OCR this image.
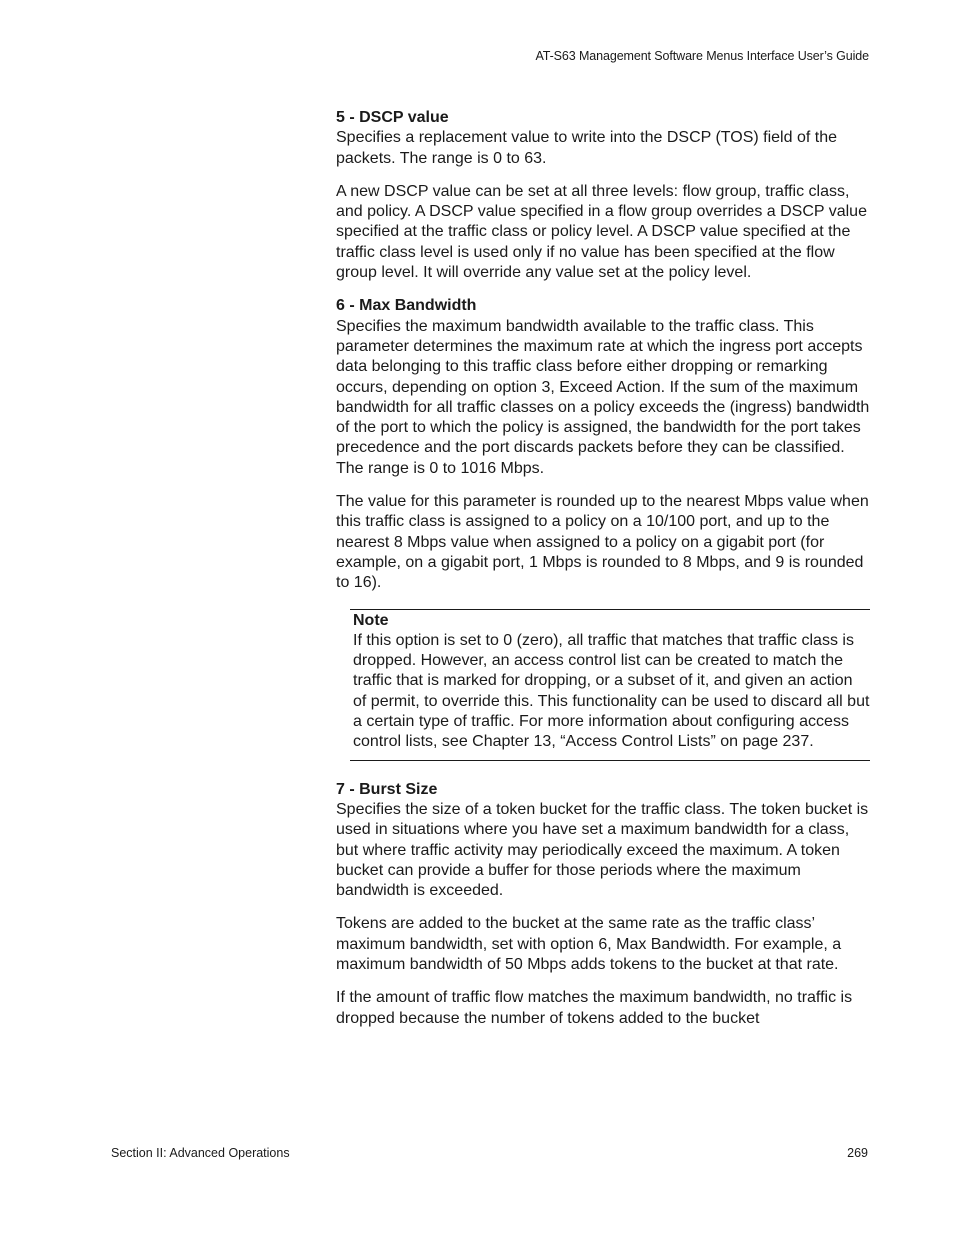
AT-S63 Management Software Menus Interface User’s Guide

5 - DSCP value

Specifies a replacement value to write into the DSCP (TOS) field of the packets. The range is 0 to 63.

A new DSCP value can be set at all three levels: flow group, traffic class, and policy. A DSCP value specified in a flow group overrides a DSCP value specified at the traffic class or policy level. A DSCP value specified at the traffic class level is used only if no value has been specified at the flow group level. It will override any value set at the policy level.

6 - Max Bandwidth

Specifies the maximum bandwidth available to the traffic class. This parameter determines the maximum rate at which the ingress port accepts data belonging to this traffic class before either dropping or remarking occurs, depending on option 3, Exceed Action. If the sum of the maximum bandwidth for all traffic classes on a policy exceeds the (ingress) bandwidth of the port to which the policy is assigned, the bandwidth for the port takes precedence and the port discards packets before they can be classified. The range is 0 to 1016 Mbps.

The value for this parameter is rounded up to the nearest Mbps value when this traffic class is assigned to a policy on a 10/100 port, and up to the nearest 8 Mbps value when assigned to a policy on a gigabit port (for example, on a gigabit port, 1 Mbps is rounded to 8 Mbps, and 9 is rounded to 16).

Note

If this option is set to 0 (zero), all traffic that matches that traffic class is dropped. However, an access control list can be created to match the traffic that is marked for dropping, or a subset of it, and given an action of permit, to override this. This functionality can be used to discard all but a certain type of traffic. For more information about configuring access control lists, see Chapter 13, “Access Control Lists” on page 237.

7 - Burst Size

Specifies the size of a token bucket for the traffic class. The token bucket is used in situations where you have set a maximum bandwidth for a class, but where traffic activity may periodically exceed the maximum. A token bucket can provide a buffer for those periods where the maximum bandwidth is exceeded.

Tokens are added to the bucket at the same rate as the traffic class’ maximum bandwidth, set with option 6, Max Bandwidth. For example, a maximum bandwidth of 50 Mbps adds tokens to the bucket at that rate.

If the amount of traffic flow matches the maximum bandwidth, no traffic is dropped because the number of tokens added to the bucket

Section II: Advanced Operations	269
